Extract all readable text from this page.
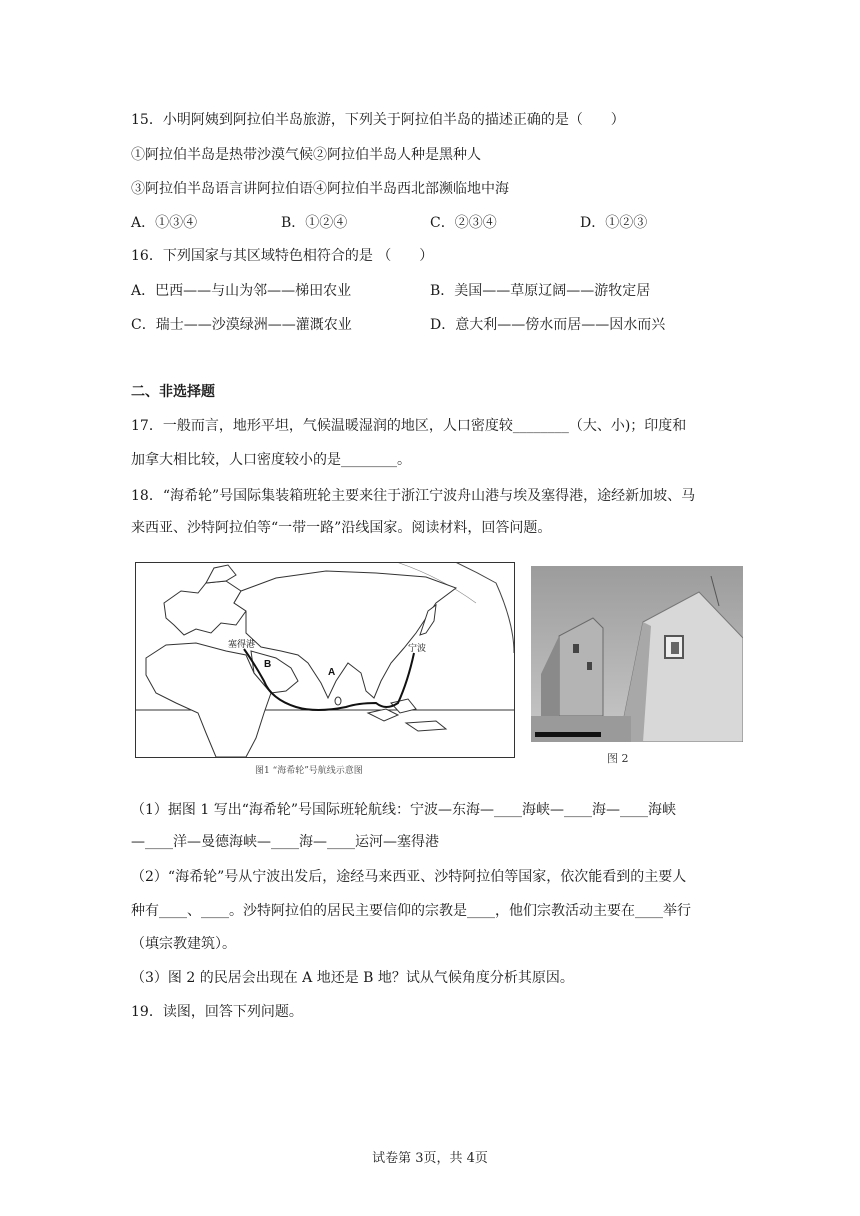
15．小明阿姨到阿拉伯半岛旅游，下列关于阿拉伯半岛的描述正确的是（　　）
①阿拉伯半岛是热带沙漠气候②阿拉伯半岛人种是黑种人
③阿拉伯半岛语言讲阿拉伯语④阿拉伯半岛西北部濒临地中海
A．①③④	B．①②④	C．②③④	D．①②③
16．下列国家与其区域特色相符合的是 （　　）
A．巴西——与山为邻——梯田农业	B．美国——草原辽阔——游牧定居
C．瑞士——沙漠绿洲——灌溉农业	D．意大利——傍水而居——因水而兴
二、非选择题
17．一般而言，地形平坦，气候温暖湿润的地区，人口密度较________（大、小)；印度和
加拿大相比较，人口密度较小的是________。
18．“海希轮”号国际集装箱班轮主要来往于浙江宁波舟山港与埃及塞得港，途经新加坡、马
来西亚、沙特阿拉伯等“一带一路”沿线国家。阅读材料，回答问题。
塞得港	宁波
B
A
图1 “海希轮”号航线示意图
图 2
（1）据图 1 写出“海希轮”号国际班轮航线：宁波—东海—____海峡—____海—____海峡
—____洋—曼德海峡—____海—____运河—塞得港
（2）“海希轮”号从宁波出发后，途经马来西亚、沙特阿拉伯等国家，依次能看到的主要人
种有____、____。沙特阿拉伯的居民主要信仰的宗教是____，他们宗教活动主要在____举行
（填宗教建筑）。
（3）图 2 的民居会出现在 A 地还是 B 地？试从气候角度分析其原因。
19．读图，回答下列问题。
试卷第 3页，共 4页
